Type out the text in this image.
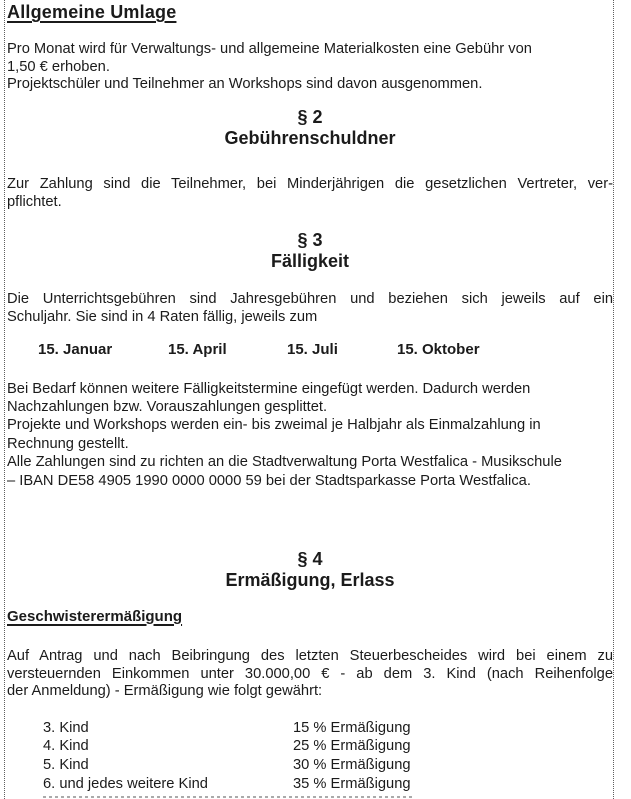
Allgemeine Umlage
Pro Monat wird für Verwaltungs- und allgemeine Materialkosten eine Gebühr von
1,50 € erhoben.
Projektschüler und Teilnehmer an Workshops sind davon ausgenommen.
§ 2
Gebührenschuldner
Zur Zahlung sind die Teilnehmer, bei Minderjährigen die gesetzlichen Vertreter, ver-
pflichtet.
§ 3
Fälligkeit
Die Unterrichtsgebühren sind Jahresgebühren und beziehen sich jeweils auf ein
Schuljahr. Sie sind in 4 Raten fällig, jeweils zum
15. Januar	15. April	15. Juli	15. Oktober
Bei Bedarf können weitere Fälligkeitstermine eingefügt werden. Dadurch werden
Nachzahlungen bzw. Vorauszahlungen gesplittet.
Projekte und Workshops werden ein- bis zweimal je Halbjahr als Einmalzahlung in
Rechnung gestellt.
Alle Zahlungen sind zu richten an die Stadtverwaltung Porta Westfalica - Musikschule
– IBAN DE58 4905 1990 0000 0000 59 bei der Stadtsparkasse Porta Westfalica.
§ 4
Ermäßigung, Erlass
Geschwisterermäßigung
Auf Antrag und nach Beibringung des letzten Steuerbescheides wird bei einem zu
versteuernden Einkommen unter 30.000,00 € - ab dem 3. Kind (nach Reihenfolge
der Anmeldung) - Ermäßigung wie folgt gewährt:
3. Kind	15 % Ermäßigung
4. Kind	25 % Ermäßigung
5. Kind	30 % Ermäßigung
6. und jedes weitere Kind	35 % Ermäßigung
